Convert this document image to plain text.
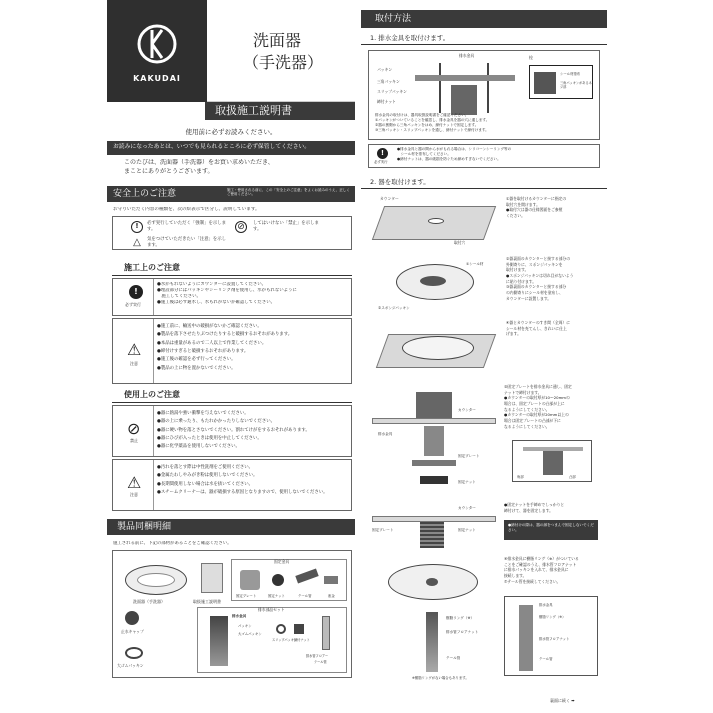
KAKUDAI
洗面器
（手洗器）
取扱施工説明書
使用前に必ずお読みください。
お読みになったあとは、いつでも見られるところに必ず保管してください。
このたびは、洗面器（手洗器）をお買い求めいただき、
まことにありがとうございます。
安全上のご注意	施工・使用される前に、この「安全上のご注意」をよくお読みのうえ、正しくご使用ください。
お守りいただく内容の種類を、次の絵表示で区分し、説明しています。
!	必ず実行していただく「強制」を示します。	⊘	してはいけない「禁止」を示します。
△	気をつけていただきたい「注意」を示します。
施工上のご注意
!
必ず実行
●水がもれないようにカウンターに設置してください。
●埋設部分にはパッキンやシーリング剤を使用し、水がもれないように
　施工してください。
●施工後は必ず通水し、水もれがないか確認してください。
⚠
注意
●施工前に、輸送中の破損がないかご確認ください。
●製品を落下させたりぶつけたりすると破損するおそれがあります。
●本品は重量があるので二人以上で作業してください。
●締付けすぎると破損するおそれがあります。
●施工後の確認を必ず行ってください。
●製品の上に物を置かないでください。
使用上のご注意
⊘
禁止
●器に熱湯や強い衝撃を与えないでください。
●器の上に乗ったり、もたれかかったりしないでください。
●器に硬い物を落とさないでください。割れてけがをするおそれがあります。
●器にひびが入ったときは使用を中止してください。
●器に化学薬品を使用しないでください。
⚠
注意
●汚れを落とす際は中性洗剤をご使用ください。
●金属たわしやみがき粉は使用しないでください。
●長期間使用しない場合は水を抜いてください。
●スチームクリーナーは、器が破損する原因となりますので、使用しないでください。
製品同梱明細
施工される前に、下記の部材があることをご確認ください。
洗面器（手洗器）	取扱施工説明書
固定金具
固定プレート	固定ナット	テール管	座金
止水キャップ
大ゴムパッキン
排水部品セット
排水金具
パッキン
大ゴムパッキン
スリップパッキン
締付ナット
排水管フロアー
テール管
取付方法
1. 排水金具を取付けます。
排水金具
パッキン
三角パッキン
スリップパッキン
締付ナット
栓
シール材塗布
三角パッキンがあるネジ部
排水金具の取付けは、器具取扱説明書をご確認ください。
①パッキンがついていることを確認し、排水金具を器の穴に通します。
②器の裏側から三角パッキンをはめ、締付ナットで固定します。
③三角パッキン・スリップパッキンを通し、締付ナットで締付けます。
!
必ず実行
●排水金具と器の間から水がもれる場合は、シリコーンシーリング等の
　シール材を塗布してください。
●締付ナットは、器の破損を防ぐため締めすぎないでください。
2. 器を取付けます。
カウンター
取付穴
①器を取付けるカウンターに指定の
取付穴を開けます。
●取付穴は器の仕様図面をご参照
ください。
①シール材
②スポンジパッキン
②器裏面のカウンターと接する部分の
外側寄りに、スポンジパッキンを
取付けます。
●スポンジパッキンは切れ目がないよう
に貼り付けます。
③器裏面のカウンターと接する部分
の内側寄りにシール材を塗布し、
カウンターに設置します。
④器とカウンターのすき間（全周）に
シール材を充てんし、きれいに仕上
げます。
カウンター
排水金具
固定プレート
固定ナット
⑤固定プレートを排水金具に通し、固定
ナットで締付けます。
●カウンターの取付厚が10〜20mmの
場合は、固定プレートの凸部が上に
なるようにしてください。
●カウンターの取付厚が20mm以上の
場合は固定プレートの凸部が下に
なるようにしてください。
角部	凸部
カウンター
固定プレート	固定ナット
●固定ナットを手締めでしっかりと
締付けて、器を固定します。
●締付けの際は、器の縁をつまんで固定しないでください。
樹脂リング（※）
排水管フロアナット
テール管
⑥排水金具に樹脂リング（※）がついている
ことをご確認のうえ、排水管フロアナット
に排水パッキンを入れて、排水金具に
接続します。
⑦テール管を接続してください。
排水金具
樹脂リング（※）
排水管フロアナット
テール管
※樹脂リングがない場合もあります。
裏面に続く ➡
